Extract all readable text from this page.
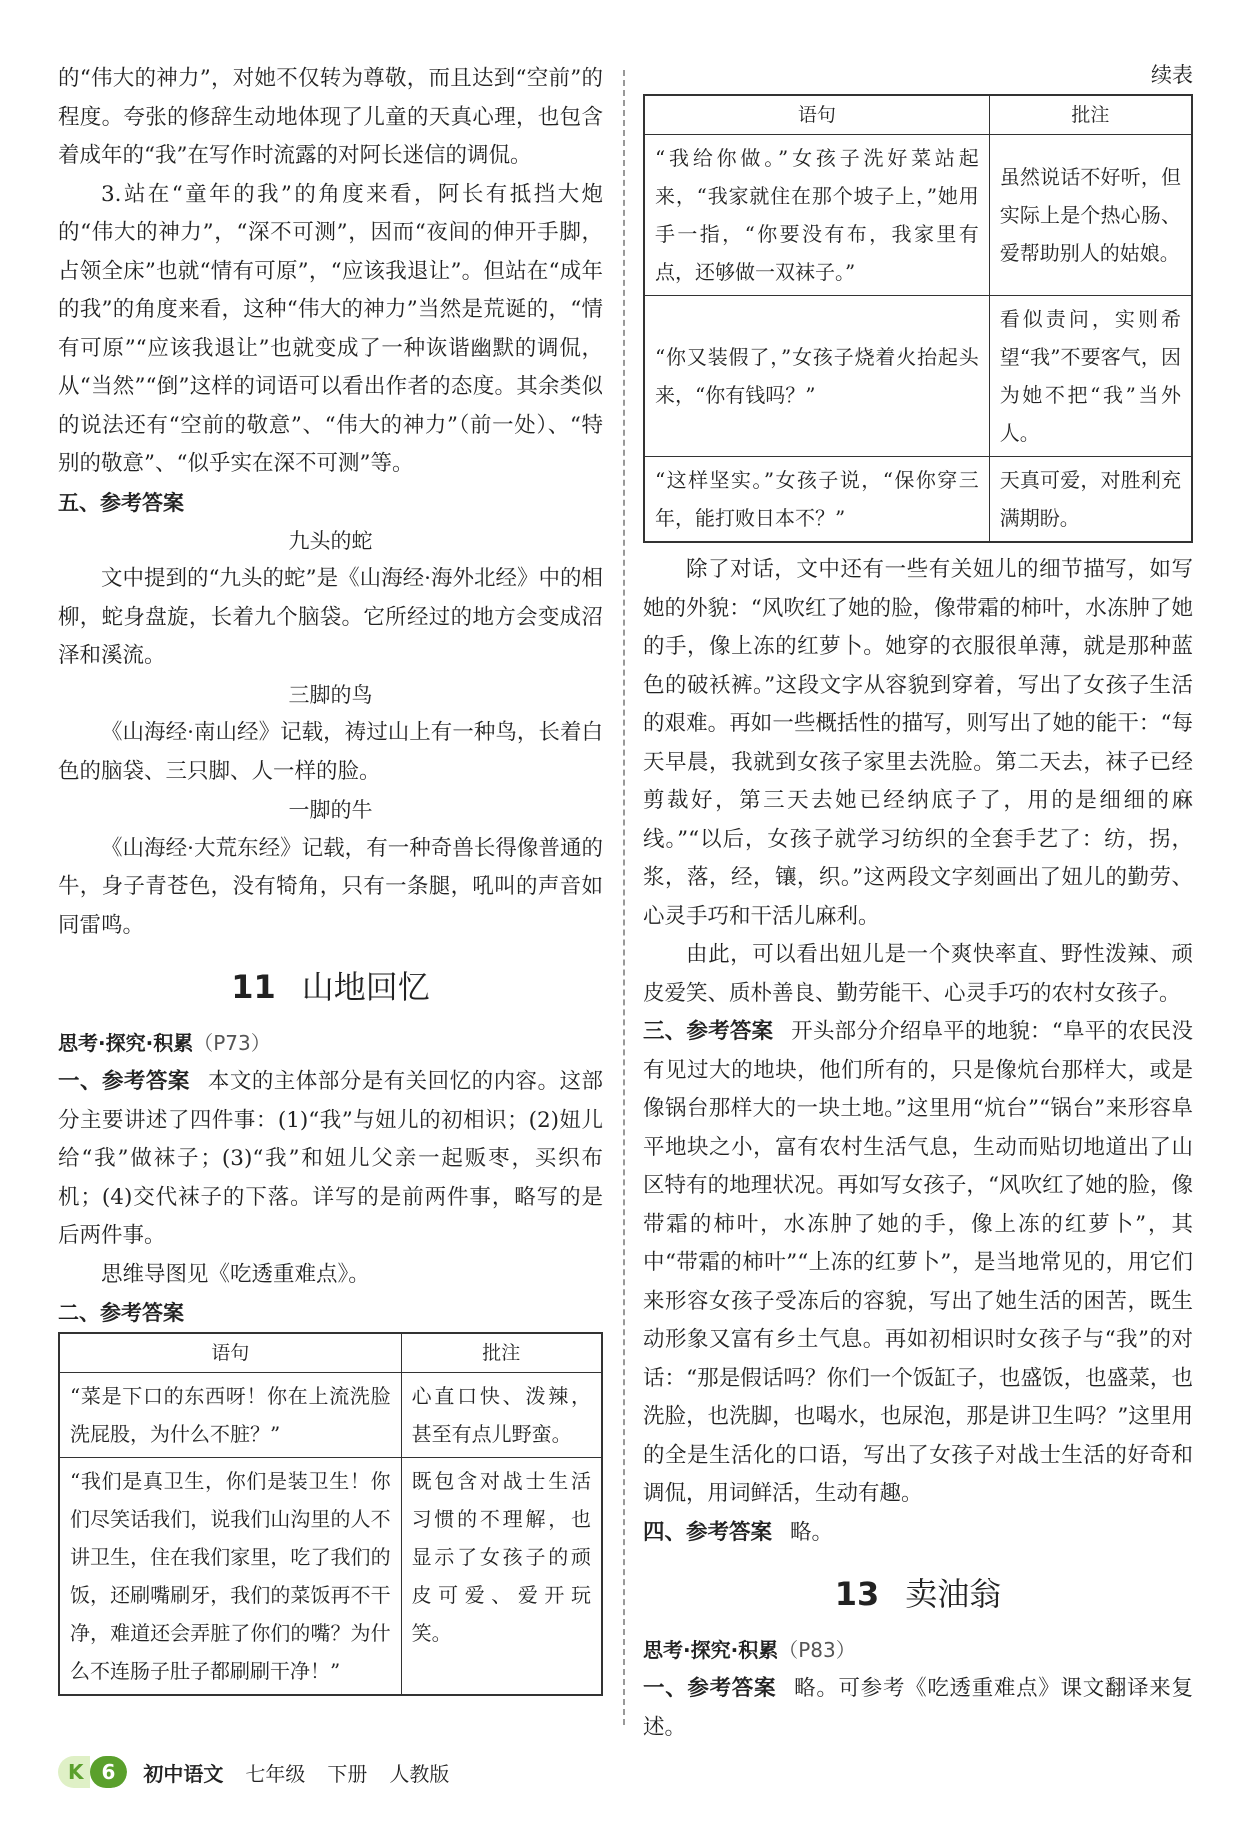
的“伟大的神力”，对她不仅转为尊敬，而且达到“空前”的程度。夸张的修辞生动地体现了儿童的天真心理，也包含着成年的“我”在写作时流露的对阿长迷信的调侃。

3.站在“童年的我”的角度来看，阿长有抵挡大炮的“伟大的神力”，“深不可测”，因而“夜间的伸开手脚，占领全床”也就“情有可原”，“应该我退让”。但站在“成年的我”的角度来看，这种“伟大的神力”当然是荒诞的，“情有可原”“应该我退让”也就变成了一种诙谐幽默的调侃，从“当然”“倒”这样的词语可以看出作者的态度。其余类似的说法还有“空前的敬意”、“伟大的神力”（前一处）、“特别的敬意”、“似乎实在深不可测”等。

五、参考答案

九头的蛇

文中提到的“九头的蛇”是《山海经·海外北经》中的相柳，蛇身盘旋，长着九个脑袋。它所经过的地方会变成沼泽和溪流。

三脚的鸟

《山海经·南山经》记载，祷过山上有一种鸟，长着白色的脑袋、三只脚、人一样的脸。

一脚的牛

《山海经·大荒东经》记载，有一种奇兽长得像普通的牛，身子青苍色，没有犄角，只有一条腿，吼叫的声音如同雷鸣。

11 山地回忆
思考·探究·积累（P73）

一、参考答案 本文的主体部分是有关回忆的内容。这部分主要讲述了四件事：(1)“我”与妞儿的初相识；(2)妞儿给“我”做袜子；(3)“我”和妞儿父亲一起贩枣，买织布机；(4)交代袜子的下落。详写的是前两件事，略写的是后两件事。

思维导图见《吃透重难点》。

二、参考答案

语句	批注
“菜是下口的东西呀！你在上流洗脸洗屁股，为什么不脏？”	心直口快、泼辣，甚至有点儿野蛮。
“我们是真卫生，你们是装卫生！你们尽笑话我们，说我们山沟里的人不讲卫生，住在我们家里，吃了我们的饭，还刷嘴刷牙，我们的菜饭再不干净，难道还会弄脏了你们的嘴？为什么不连肠子肚子都刷刷干净！”	既包含对战士生活习惯的不理解，也显示了女孩子的顽皮可爱、爱开玩笑。
续表
语句	批注
“我给你做。”女孩子洗好菜站起来，“我家就住在那个坡子上，”她用手一指，“你要没有布，我家里有点，还够做一双袜子。”	虽然说话不好听，但实际上是个热心肠、爱帮助别人的姑娘。
“你又装假了，”女孩子烧着火抬起头来，“你有钱吗？”	看似责问，实则希望“我”不要客气，因为她不把“我”当外人。
“这样坚实。”女孩子说，“保你穿三年，能打败日本不？”	天真可爱，对胜利充满期盼。

除了对话，文中还有一些有关妞儿的细节描写，如写她的外貌：“风吹红了她的脸，像带霜的柿叶，水冻肿了她的手，像上冻的红萝卜。她穿的衣服很单薄，就是那种蓝色的破袄裤。”这段文字从容貌到穿着，写出了女孩子生活的艰难。再如一些概括性的描写，则写出了她的能干：“每天早晨，我就到女孩子家里去洗脸。第二天去，袜子已经剪裁好，第三天去她已经纳底子了，用的是细细的麻线。”“以后，女孩子就学习纺织的全套手艺了：纺，拐，浆，落，经，镶，织。”这两段文字刻画出了妞儿的勤劳、心灵手巧和干活儿麻利。

由此，可以看出妞儿是一个爽快率直、野性泼辣、顽皮爱笑、质朴善良、勤劳能干、心灵手巧的农村女孩子。

三、参考答案 开头部分介绍阜平的地貌：“阜平的农民没有见过大的地块，他们所有的，只是像炕台那样大，或是像锅台那样大的一块土地。”这里用“炕台”“锅台”来形容阜平地块之小，富有农村生活气息，生动而贴切地道出了山区特有的地理状况。再如写女孩子，“风吹红了她的脸，像带霜的柿叶，水冻肿了她的手，像上冻的红萝卜”，其中“带霜的柿叶”“上冻的红萝卜”，是当地常见的，用它们来形容女孩子受冻后的容貌，写出了她生活的困苦，既生动形象又富有乡土气息。再如初相识时女孩子与“我”的对话：“那是假话吗？你们一个饭缸子，也盛饭，也盛菜，也洗脸，也洗脚，也喝水，也尿泡，那是讲卫生吗？”这里用的全是生活化的口语，写出了女孩子对战士生活的好奇和调侃，用词鲜活，生动有趣。

四、参考答案 略。

13 卖油翁
思考·探究·积累（P83）

一、参考答案 略。可参考《吃透重难点》课文翻译来复述。

K 6	初中语文 七年级 下册 人教版
